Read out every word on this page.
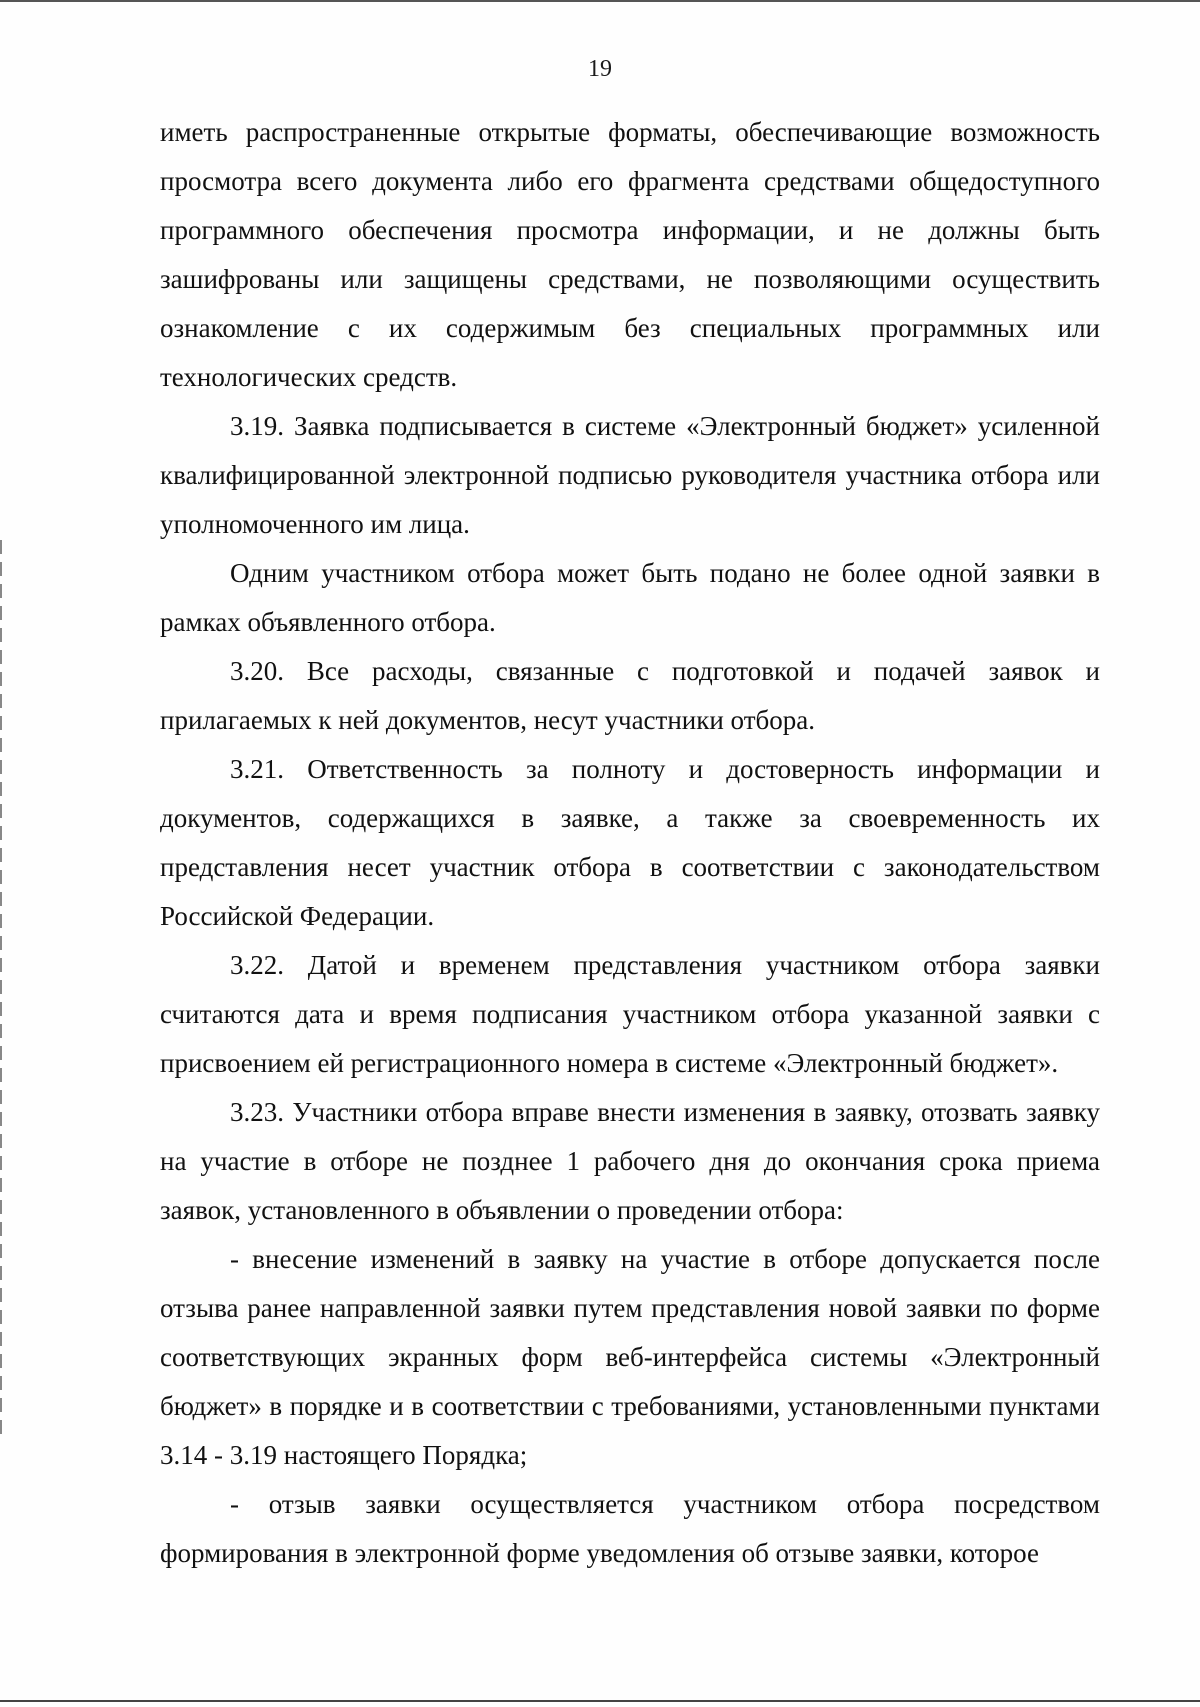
19

иметь распространенные открытые форматы, обеспечивающие возможность просмотра всего документа либо его фрагмента средствами общедоступного программного обеспечения просмотра информации, и не должны быть зашифрованы или защищены средствами, не позволяющими осуществить ознакомление с их содержимым без специальных программных или технологических средств.

3.19. Заявка подписывается в системе «Электронный бюджет» усиленной квалифицированной электронной подписью руководителя участника отбора или уполномоченного им лица.

Одним участником отбора может быть подано не более одной заявки в рамках объявленного отбора.

3.20. Все расходы, связанные с подготовкой и подачей заявок и прилагаемых к ней документов, несут участники отбора.

3.21. Ответственность за полноту и достоверность информации и документов, содержащихся в заявке, а также за своевременность их представления несет участник отбора в соответствии с законодательством Российской Федерации.

3.22. Датой и временем представления участником отбора заявки считаются дата и время подписания участником отбора указанной заявки с присвоением ей регистрационного номера в системе «Электронный бюджет».

3.23. Участники отбора вправе внести изменения в заявку, отозвать заявку на участие в отборе не позднее 1 рабочего дня до окончания срока приема заявок, установленного в объявлении о проведении отбора:

- внесение изменений в заявку на участие в отборе допускается после отзыва ранее направленной заявки путем представления новой заявки по форме соответствующих экранных форм веб-интерфейса системы «Электронный бюджет» в порядке и в соответствии с требованиями, установленными пунктами 3.14 - 3.19 настоящего Порядка;

- отзыв заявки осуществляется участником отбора посредством формирования в электронной форме уведомления об отзыве заявки, которое
